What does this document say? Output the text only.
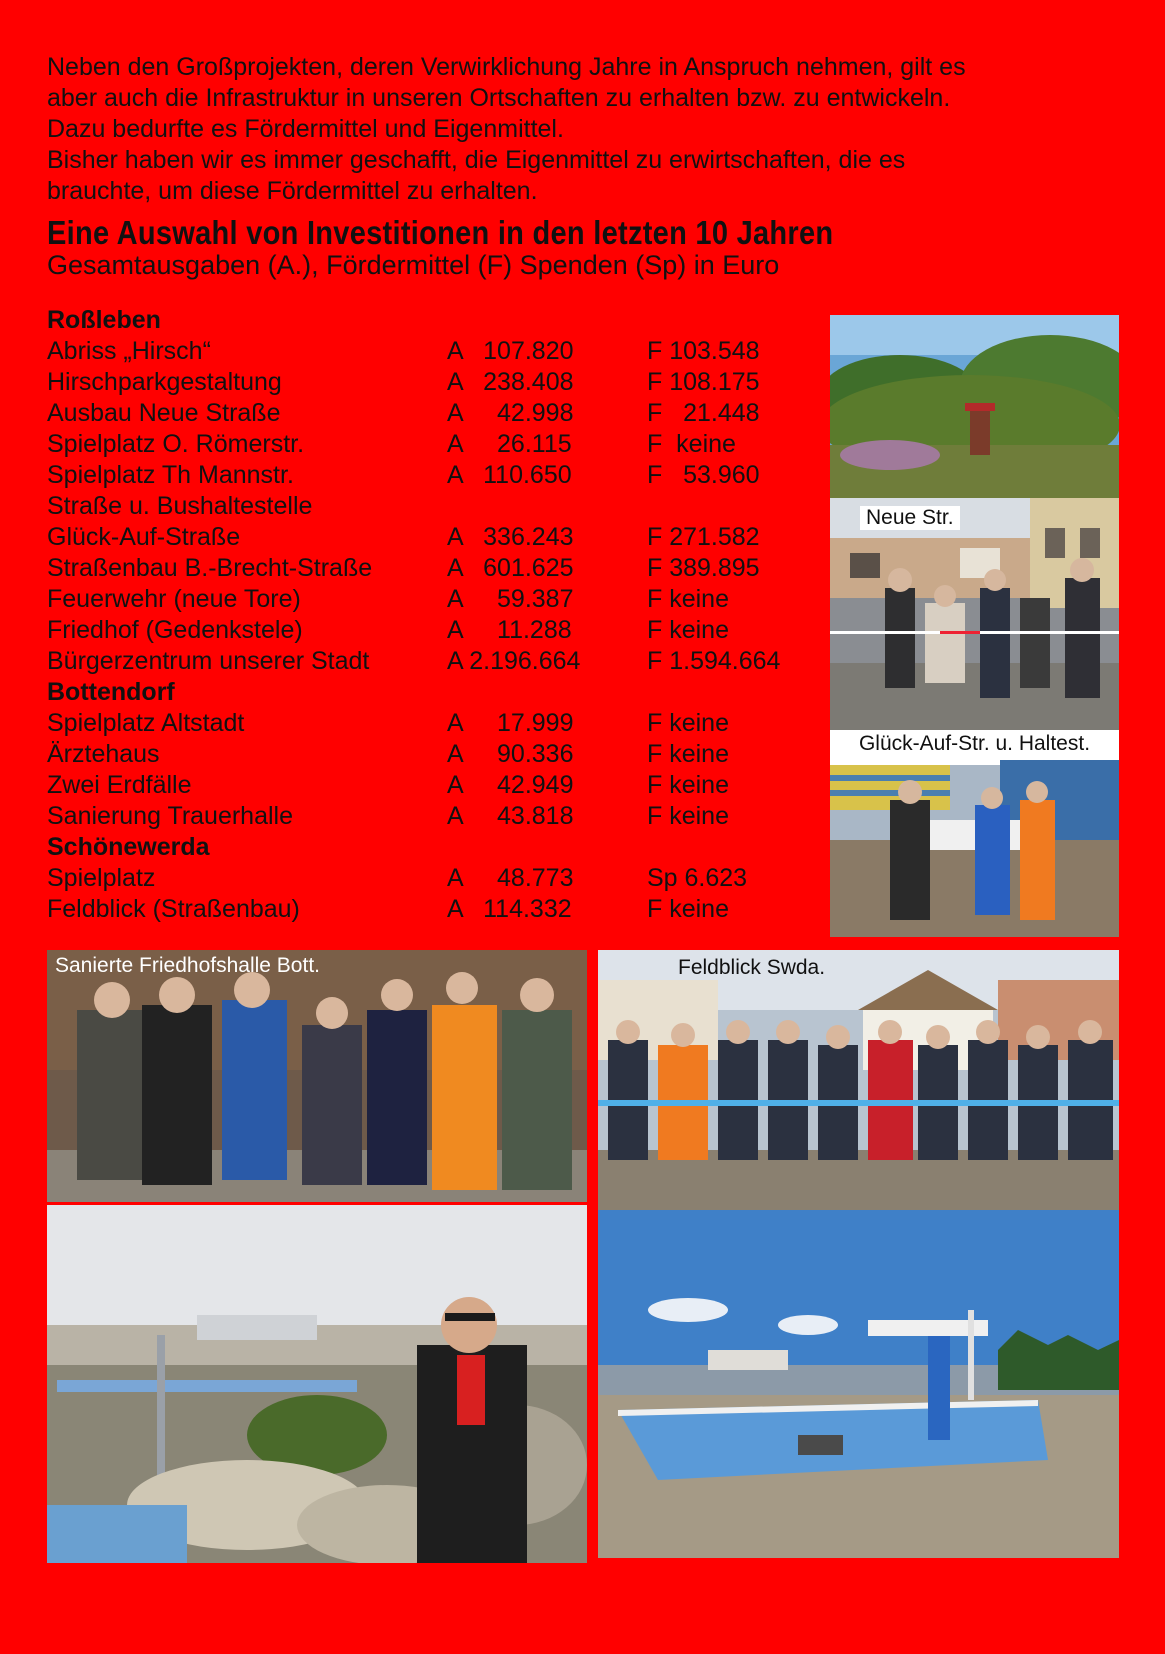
Neben den Großprojekten, deren Verwirklichung Jahre in Anspruch nehmen, gilt es

aber auch die Infrastruktur in unseren Ortschaften zu erhalten bzw. zu entwickeln.

Dazu bedurfte es Fördermittel und Eigenmittel.

Bisher haben wir es immer geschafft, die Eigenmittel zu erwirtschaften, die es

brauchte, um diese Fördermittel zu erhalten.

Eine Auswahl von Investitionen in den letzten 10 Jahren
Gesamtausgaben (A.), Fördermittel (F) Spenden (Sp) in Euro
Roßleben
Abriss „Hirsch“	A   107.820	F 103.548
Hirschparkgestaltung	A   238.408	F 108.175
Ausbau Neue Straße	A     42.998	F   21.448
Spielplatz O. Römerstr.	A     26.115	F  keine
Spielplatz Th Mannstr.	A   110.650	F   53.960
Straße u. Bushaltestelle
Glück-Auf-Straße	A   336.243	F 271.582
Straßenbau B.-Brecht-Straße	A   601.625	F 389.895
Feuerwehr (neue Tore)	A     59.387	F keine
Friedhof (Gedenkstele)	A     11.288	F keine
Bürgerzentrum unserer Stadt	A 2.196.664	F 1.594.664
Bottendorf
Spielplatz Altstadt	A     17.999	F keine
Ärztehaus	A     90.336	F keine
Zwei Erdfälle	A     42.949	F keine
Sanierung Trauerhalle	A     43.818	F keine
Schönewerda
Spielplatz	A     48.773	Sp 6.623
Feldblick (Straßenbau)	A   114.332	F keine
Neue Str.
Glück-Auf-Str. u. Haltest.
Sanierte Friedhofshalle Bott.	Feldblick Swda.
